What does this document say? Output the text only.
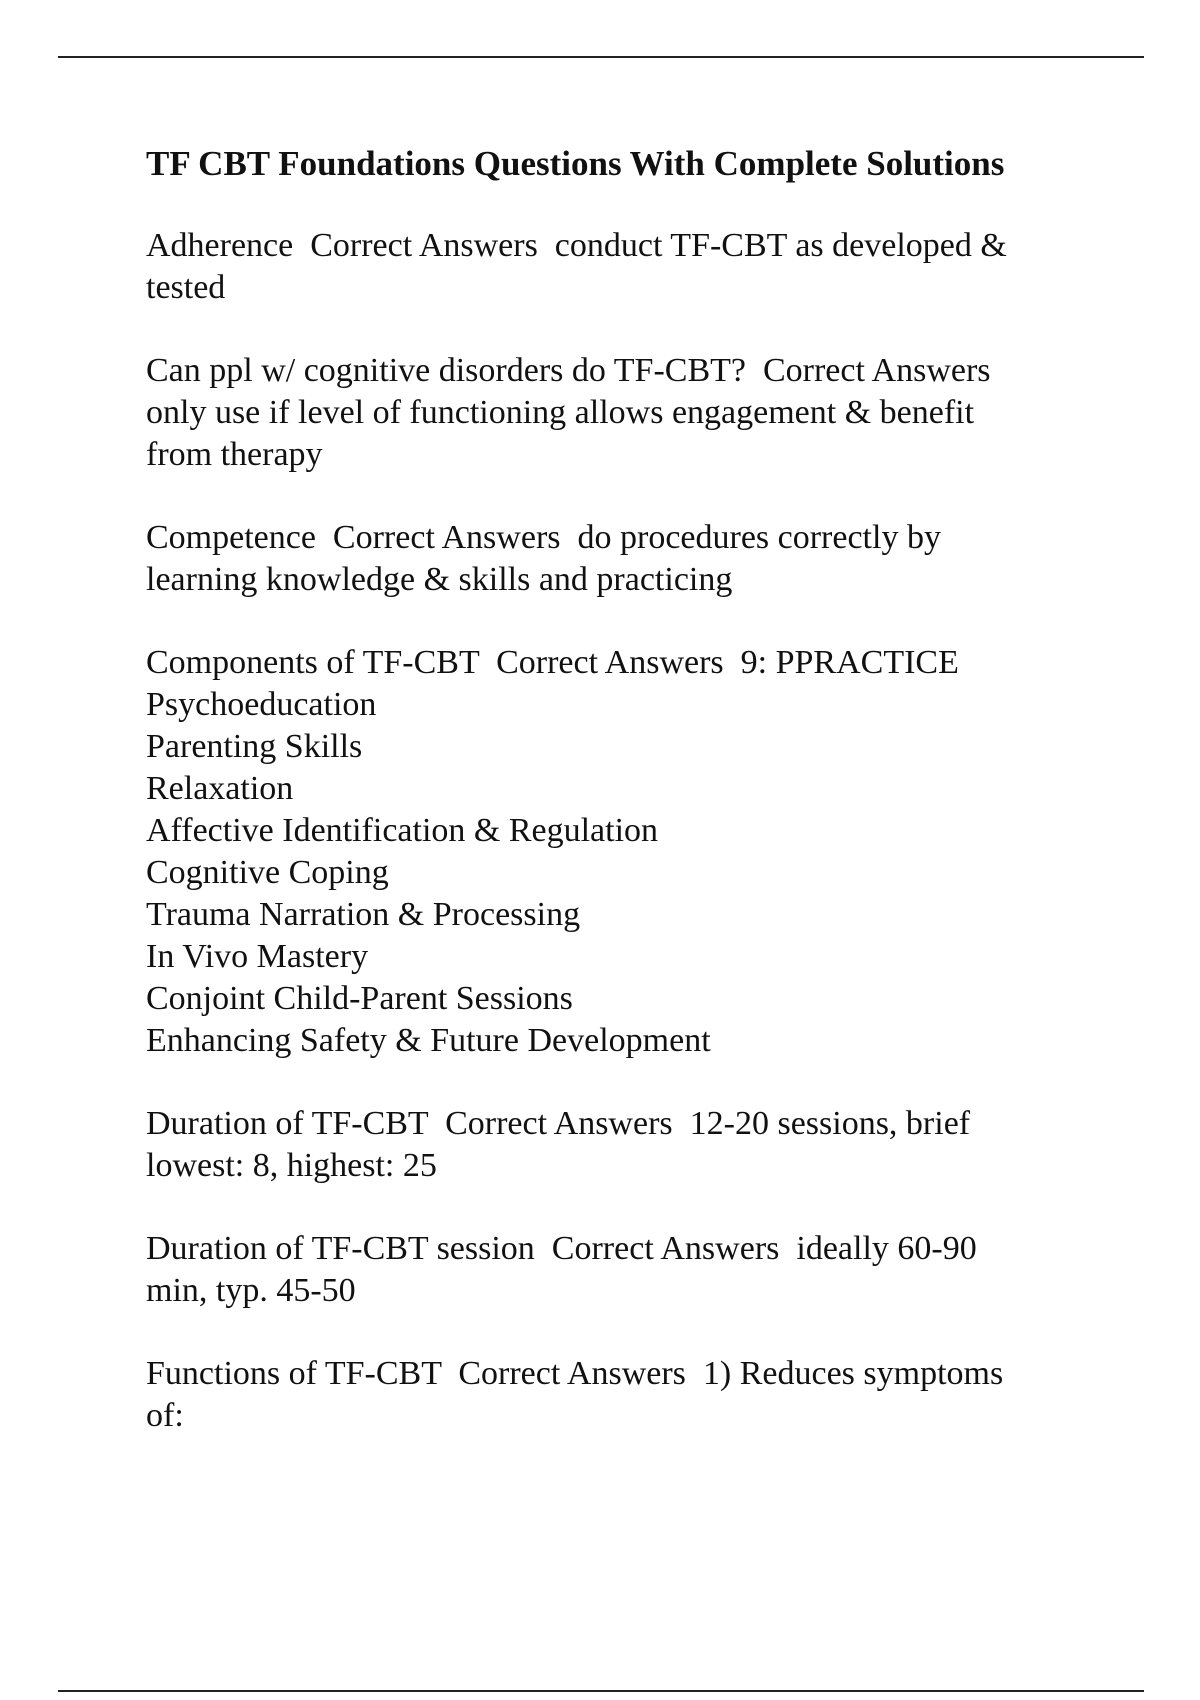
TF CBT Foundations Questions With Complete Solutions
Adherence  Correct Answers  conduct TF-CBT as developed &
tested
Can ppl w/ cognitive disorders do TF-CBT?  Correct Answers
only use if level of functioning allows engagement & benefit
from therapy
Competence  Correct Answers  do procedures correctly by
learning knowledge & skills and practicing
Components of TF-CBT  Correct Answers  9: PPRACTICE
Psychoeducation
Parenting Skills
Relaxation
Affective Identification & Regulation
Cognitive Coping
Trauma Narration & Processing
In Vivo Mastery
Conjoint Child-Parent Sessions
Enhancing Safety & Future Development
Duration of TF-CBT  Correct Answers  12-20 sessions, brief
lowest: 8, highest: 25
Duration of TF-CBT session  Correct Answers  ideally 60-90
min, typ. 45-50
Functions of TF-CBT  Correct Answers  1) Reduces symptoms
of:
